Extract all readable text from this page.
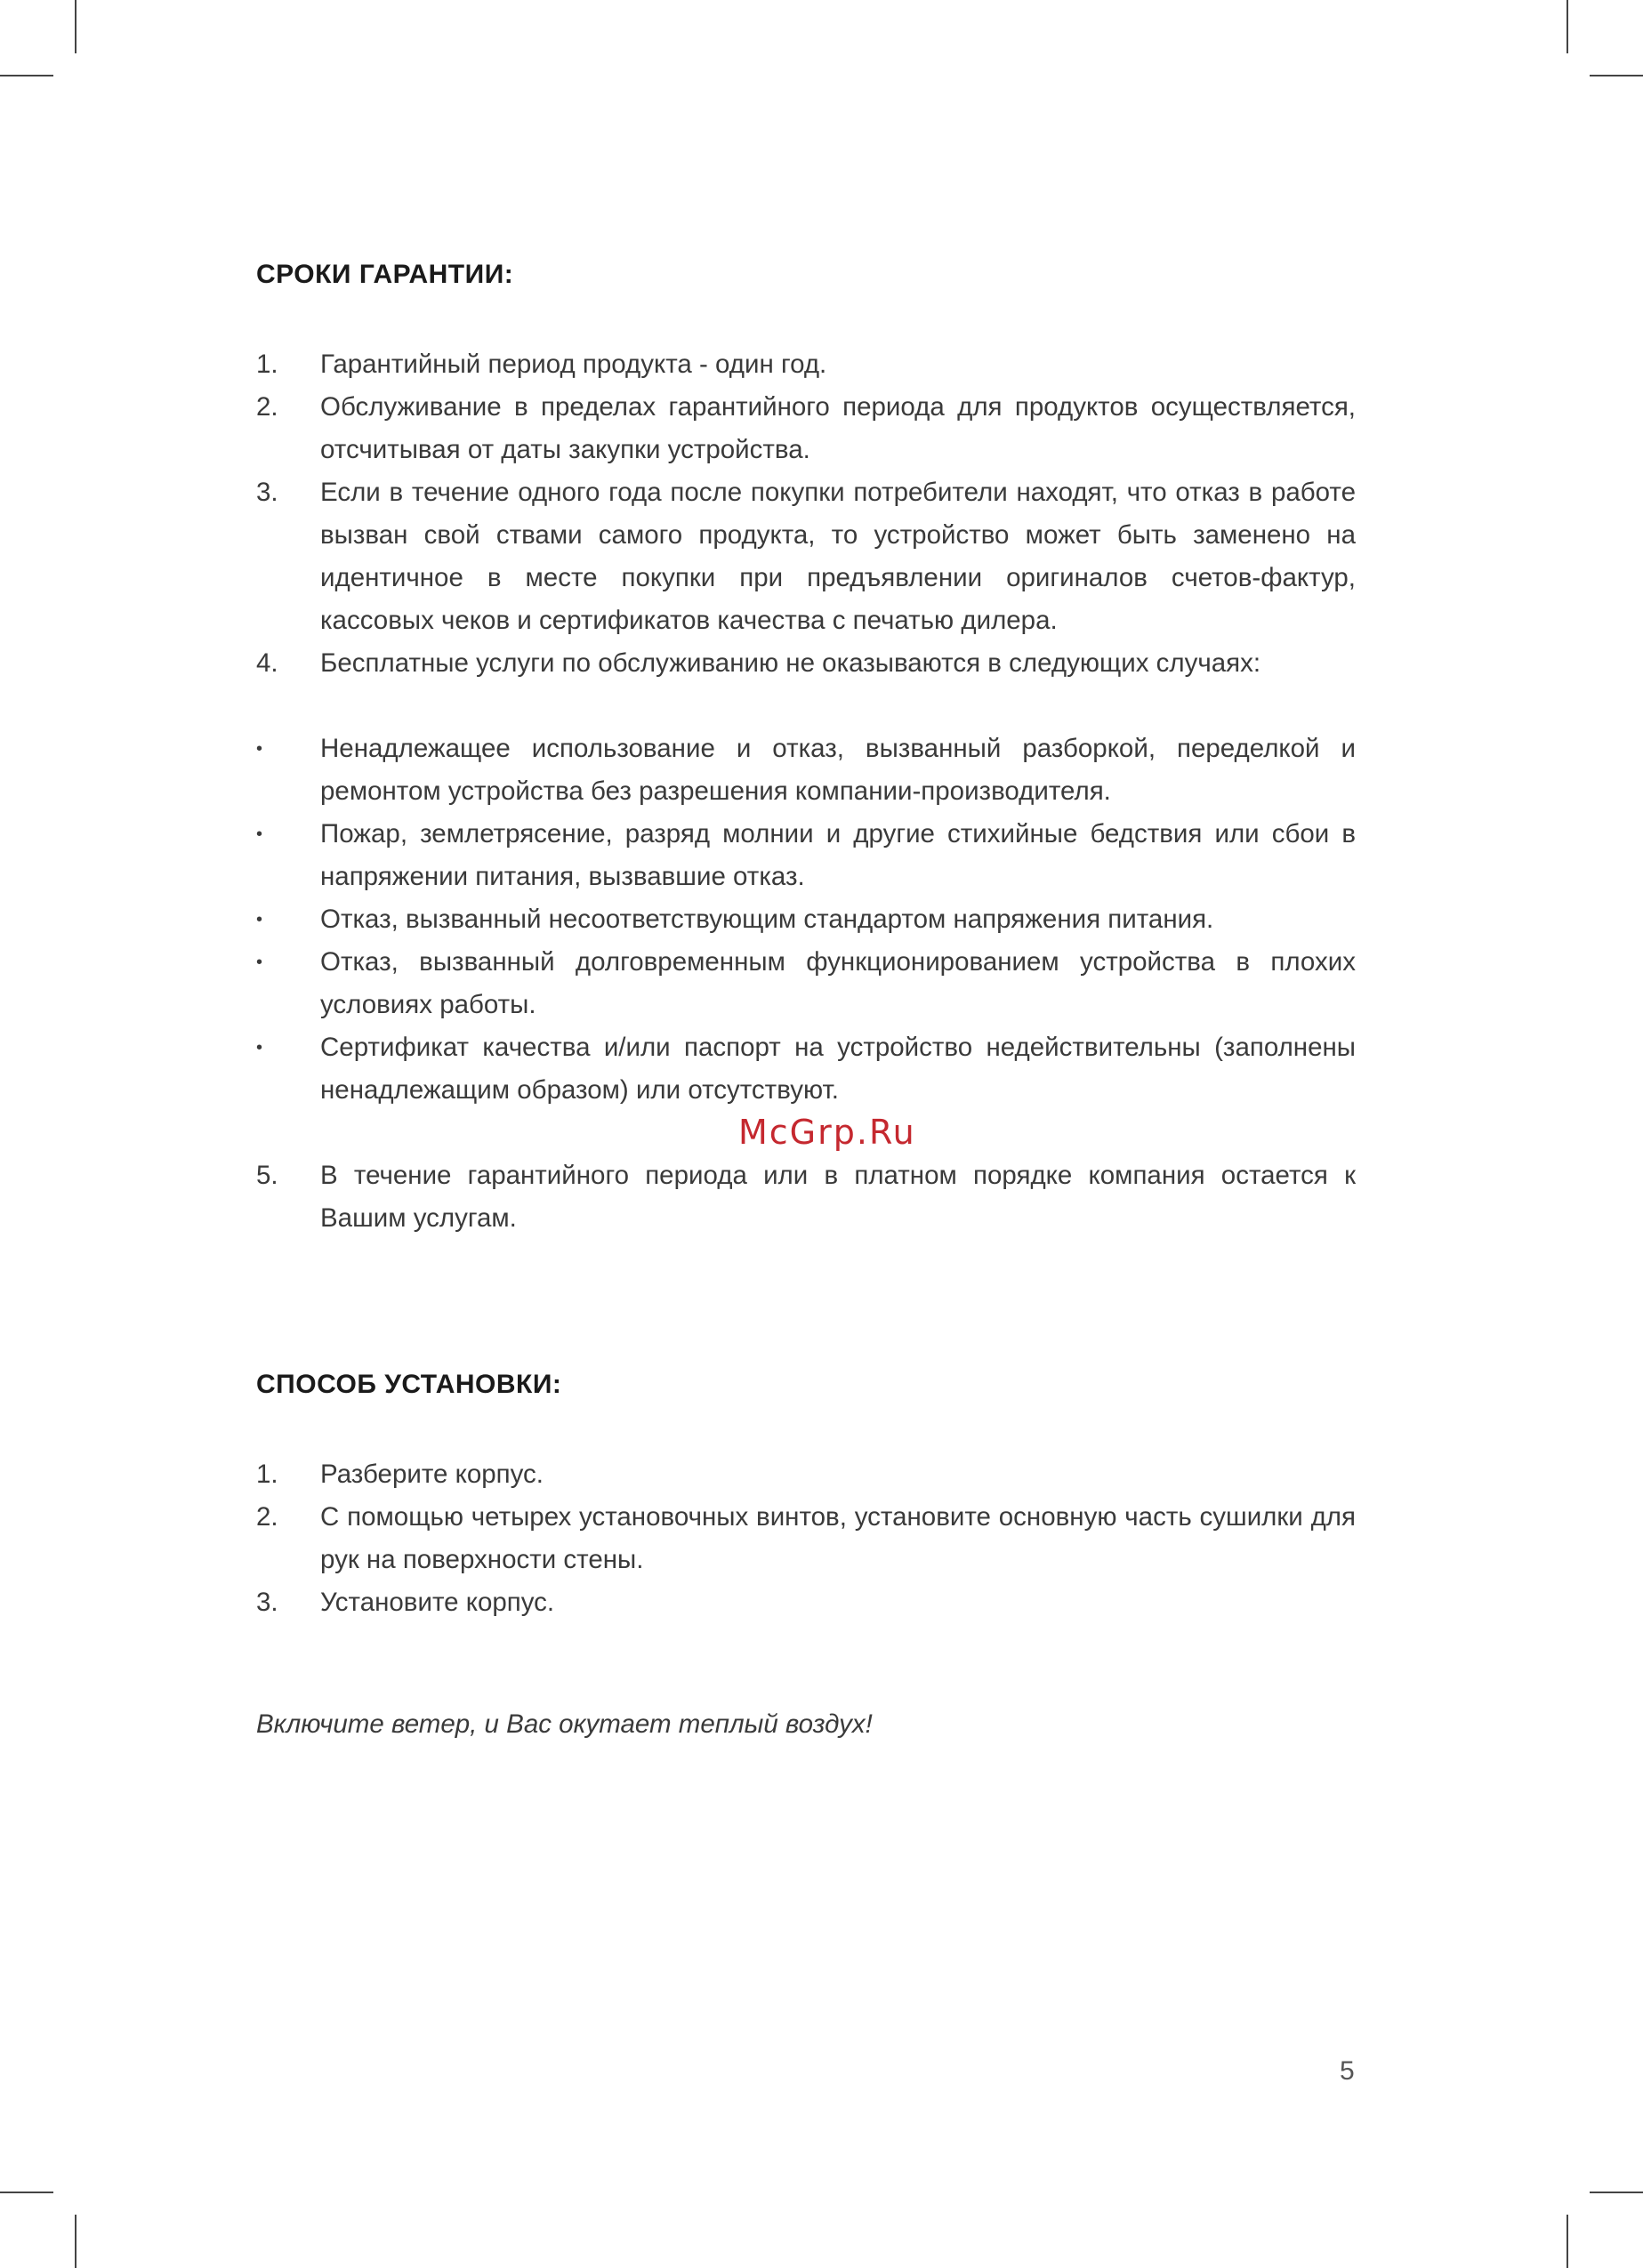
СРОКИ ГАРАНТИИ:
1.	Гарантийный период продукта - один год.
2.	Обслуживание в пределах гарантийного периода для продуктов осуществляется, отсчитывая от даты закупки устройства.
3.	Если в течение одного года после покупки потребители находят, что отказ в работе вызван свой ствами самого продукта, то устройство может быть заменено на идентичное в месте покупки при предъявлении оригиналов счетов-фактур, кассовых чеков и сертификатов качества с печатью дилера.
4.	Бесплатные услуги по обслуживанию не оказываются в следующих случаях:
•	Ненадлежащее использование и отказ, вызванный разборкой, переделкой и ремонтом устройства без разрешения компании-производителя.
•	Пожар, землетрясение, разряд молнии и другие стихийные бедствия или сбои в напряжении питания, вызвавшие отказ.
•	Отказ, вызванный несоответствующим стандартом напряжения питания.
•	Отказ, вызванный долговременным функционированием устройства в плохих условиях работы.
•	Сертификат качества и/или паспорт на устройство недействительны (заполнены ненадлежащим образом) или отсутствуют.
McGrp.Ru
5.	В течение гарантийного периода или в платном порядке компания остается к Вашим услугам.
СПОСОБ УСТАНОВКИ:
1.	Разберите корпус.
2.	С помощью четырех установочных винтов, установите основную часть сушилки для рук на поверхности стены.
3.	Установите корпус.

Включите ветер, и Вас окутает теплый воздух!

5
